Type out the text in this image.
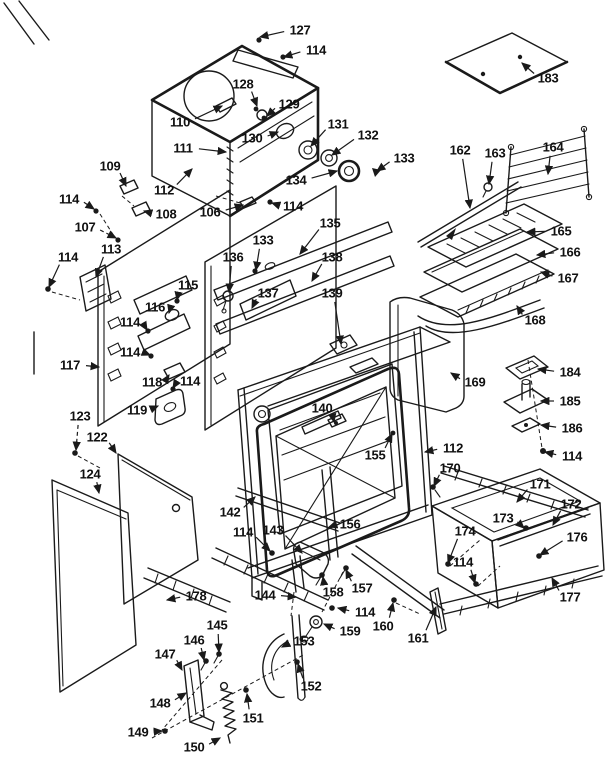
127
114
128
129
110
111
130
131
132
133
134
183
109
114
107
108
112
106	114
162 163	164
165
166
167
168
113
114
133
135
136
137
138
139
115
116
114
114
117
118 114
119
169
184
185
186
114
140
155	112
170
123
122
124
178
171
172
173
174	176
114
177
142
114 143	156
158 157
114
159 160
161
144
145
146
147
148
149
150
151
153
152
